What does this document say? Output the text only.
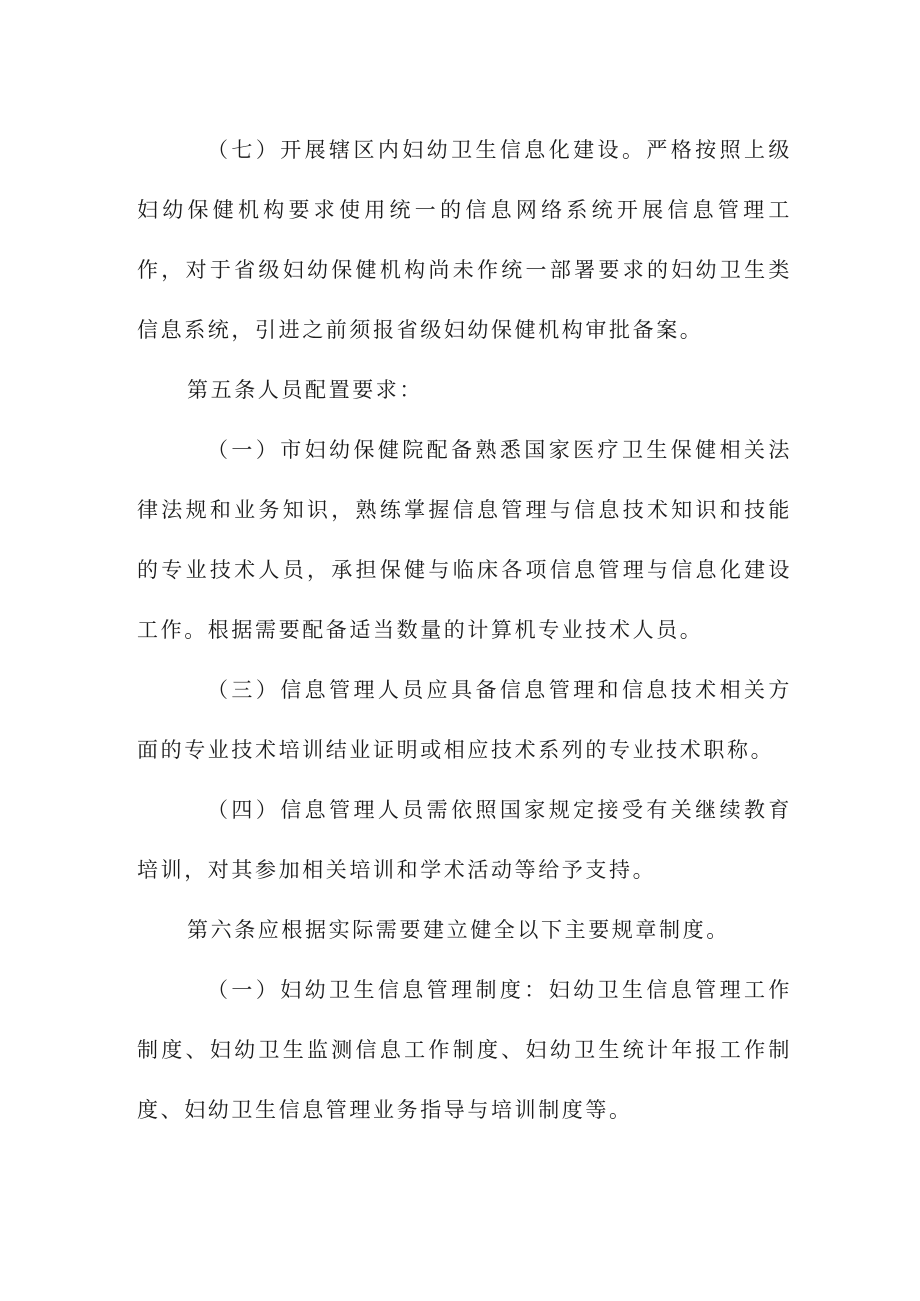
（七）开展辖区内妇幼卫生信息化建设。严格按照上级妇幼保健机构要求使用统一的信息网络系统开展信息管理工作，对于省级妇幼保健机构尚未作统一部署要求的妇幼卫生类信息系统，引进之前须报省级妇幼保健机构审批备案。

第五条人员配置要求：

（一）市妇幼保健院配备熟悉国家医疗卫生保健相关法律法规和业务知识，熟练掌握信息管理与信息技术知识和技能的专业技术人员，承担保健与临床各项信息管理与信息化建设工作。根据需要配备适当数量的计算机专业技术人员。

（三）信息管理人员应具备信息管理和信息技术相关方面的专业技术培训结业证明或相应技术系列的专业技术职称。

（四）信息管理人员需依照国家规定接受有关继续教育培训，对其参加相关培训和学术活动等给予支持。

第六条应根据实际需要建立健全以下主要规章制度。

（一）妇幼卫生信息管理制度：妇幼卫生信息管理工作制度、妇幼卫生监测信息工作制度、妇幼卫生统计年报工作制度、妇幼卫生信息管理业务指导与培训制度等。
